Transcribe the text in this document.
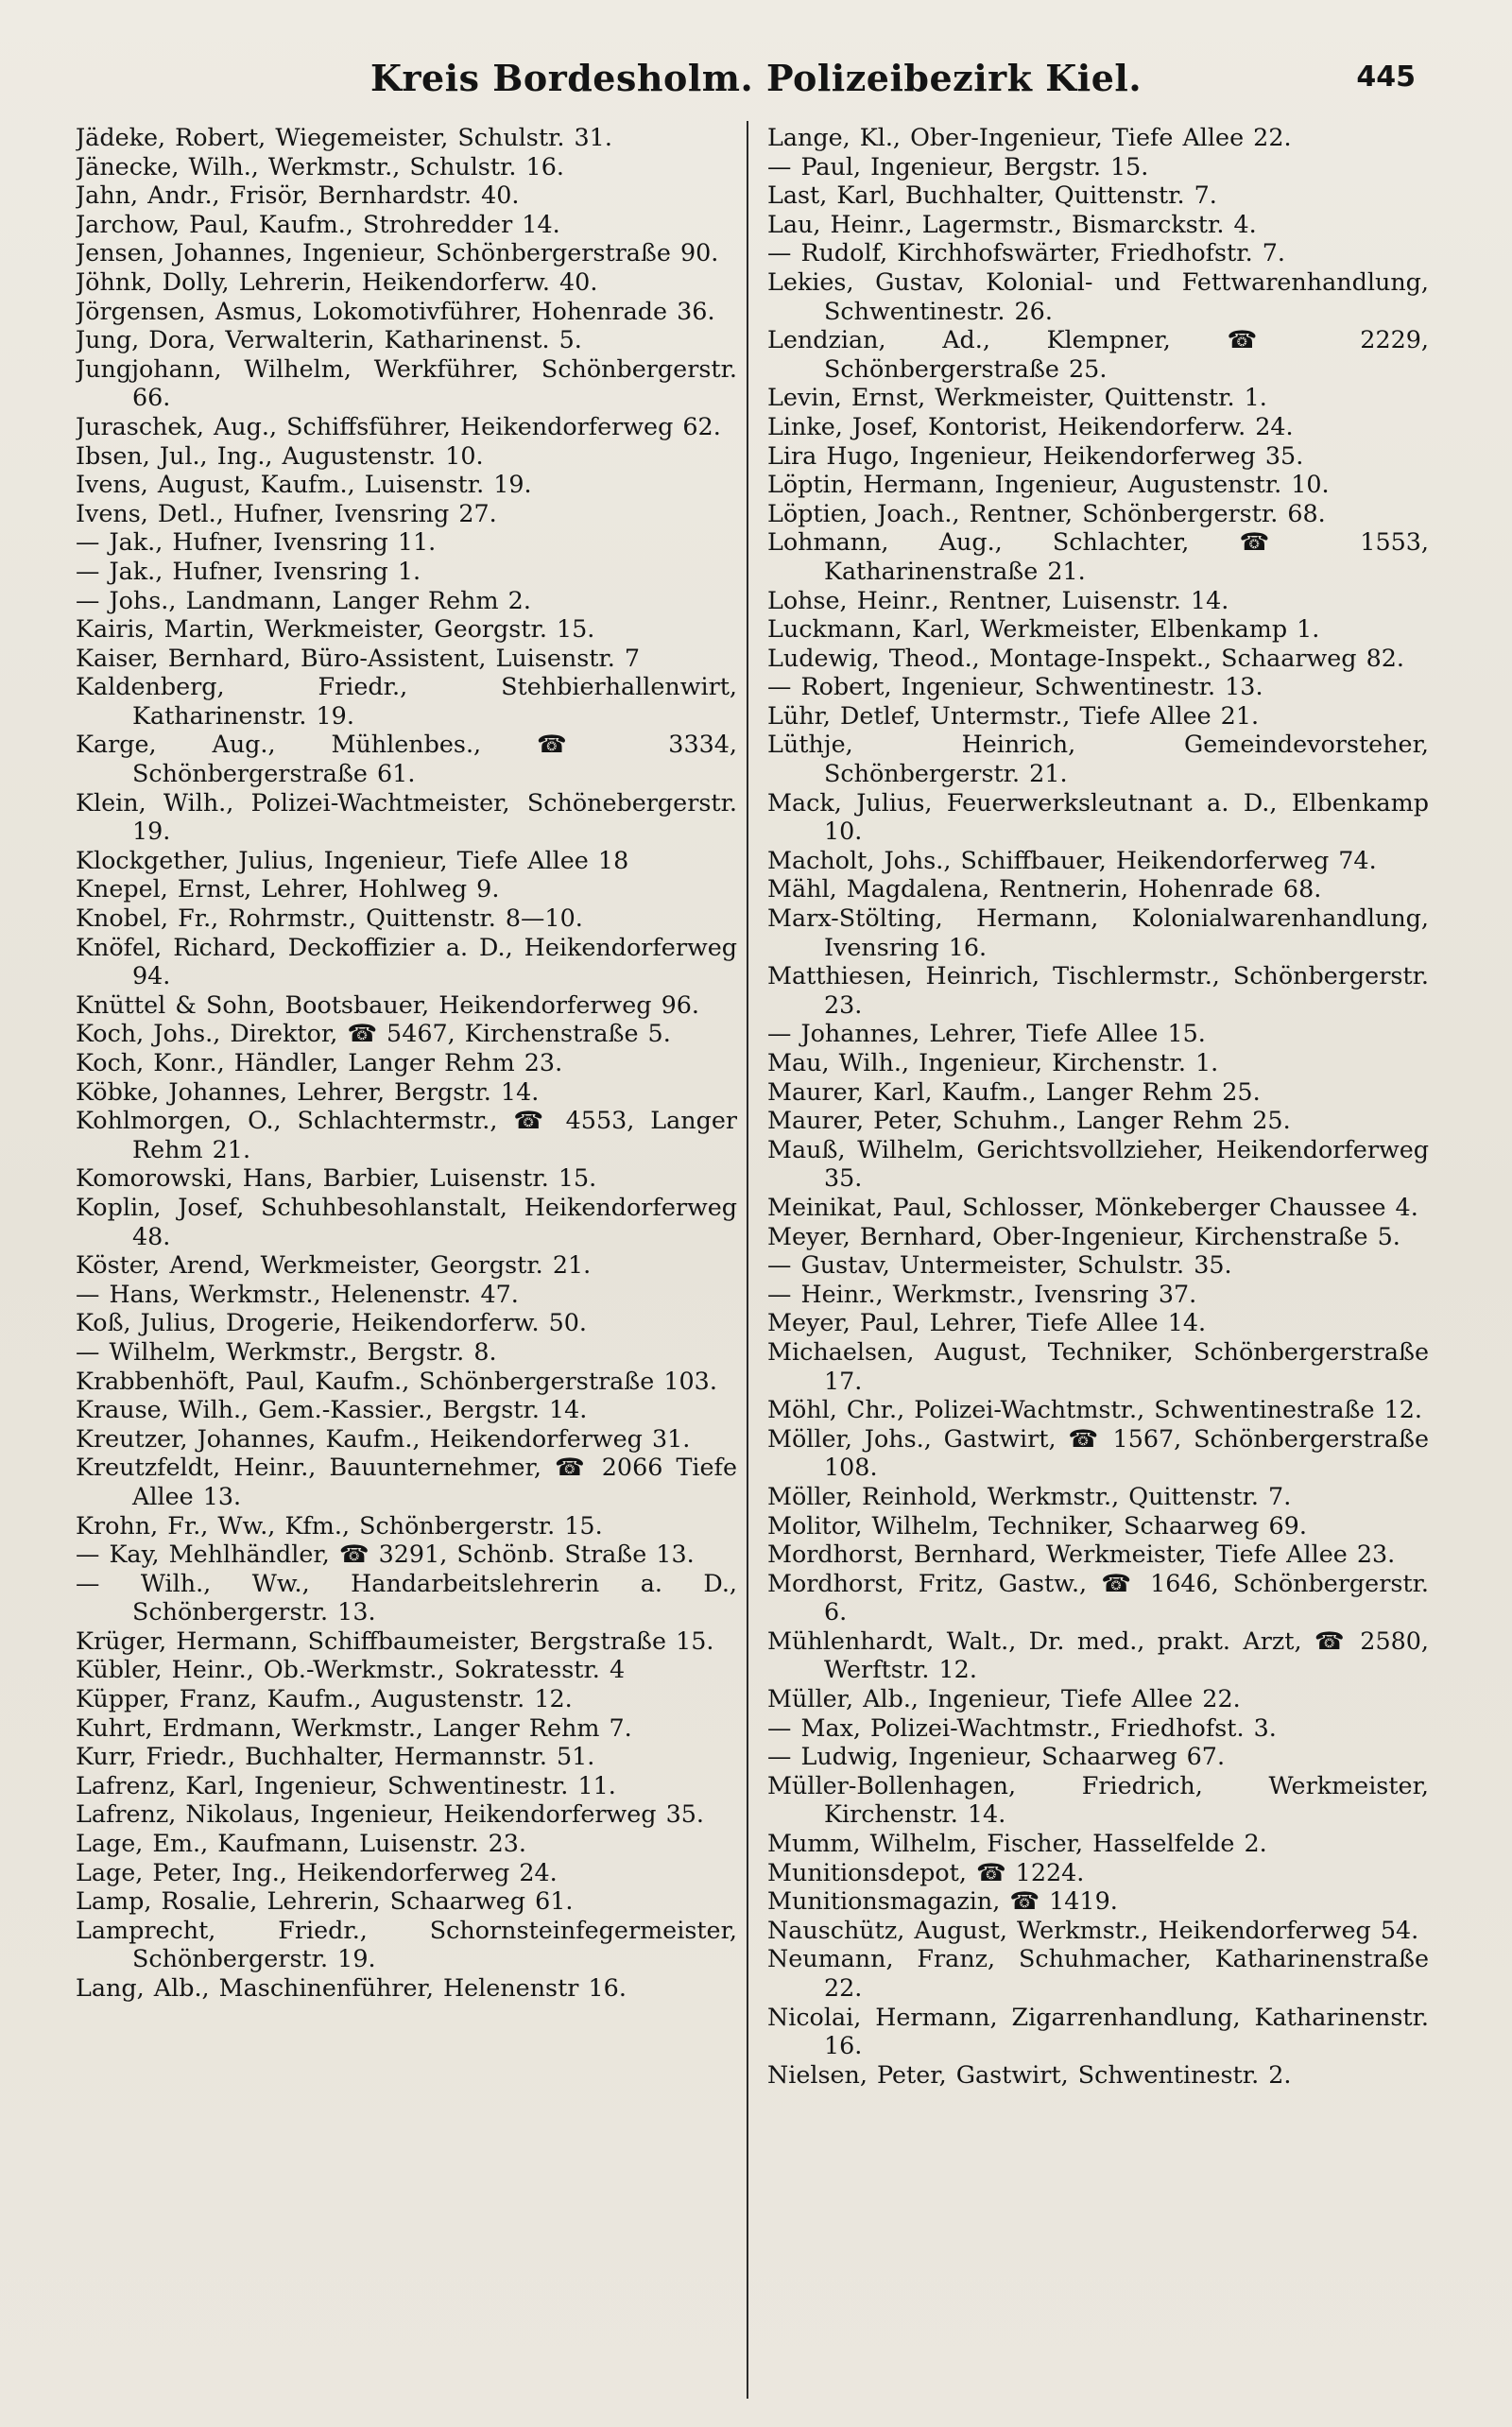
Kreis Bordesholm. Polizeibezirk Kiel.	445
Jädeke, Robert, Wiegemeister, Schulstr. 31.
Jänecke, Wilh., Werkmstr., Schulstr. 16.
Jahn, Andr., Frisör, Bernhardstr. 40.
Jarchow, Paul, Kaufm., Strohredder 14.
Jensen, Johannes, Ingenieur, Schönbergerstraße 90.
Jöhnk, Dolly, Lehrerin, Heikendorferw. 40.
Jörgensen, Asmus, Lokomotivführer, Hohenrade 36.
Jung, Dora, Verwalterin, Katharinenst. 5.
Jungjohann, Wilhelm, Werkführer, Schönbergerstr. 66.
Juraschek, Aug., Schiffsführer, Heikendorferweg 62.
Ibsen, Jul., Ing., Augustenstr. 10.
Ivens, August, Kaufm., Luisenstr. 19.
Ivens, Detl., Hufner, Ivensring 27.
— Jak., Hufner, Ivensring 11.
— Jak., Hufner, Ivensring 1.
— Johs., Landmann, Langer Rehm 2.
Kairis, Martin, Werkmeister, Georgstr. 15.
Kaiser, Bernhard, Büro-Assistent, Luisenstr. 7
Kaldenberg, Friedr., Stehbierhallenwirt, Katharinenstr. 19.
Karge, Aug., Mühlenbes., ☎ 3334, Schönbergerstraße 61.
Klein, Wilh., Polizei-Wachtmeister, Schönebergerstr. 19.
Klockgether, Julius, Ingenieur, Tiefe Allee 18
Knepel, Ernst, Lehrer, Hohlweg 9.
Knobel, Fr., Rohrmstr., Quittenstr. 8—10.
Knöfel, Richard, Deckoffizier a. D., Heikendorferweg 94.
Knüttel & Sohn, Bootsbauer, Heikendorferweg 96.
Koch, Johs., Direktor, ☎ 5467, Kirchenstraße 5.
Koch, Konr., Händler, Langer Rehm 23.
Köbke, Johannes, Lehrer, Bergstr. 14.
Kohlmorgen, O., Schlachtermstr., ☎ 4553, Langer Rehm 21.
Komorowski, Hans, Barbier, Luisenstr. 15.
Koplin, Josef, Schuhbesohlanstalt, Heikendorferweg 48.
Köster, Arend, Werkmeister, Georgstr. 21.
— Hans, Werkmstr., Helenenstr. 47.
Koß, Julius, Drogerie, Heikendorferw. 50.
— Wilhelm, Werkmstr., Bergstr. 8.
Krabbenhöft, Paul, Kaufm., Schönbergerstraße 103.
Krause, Wilh., Gem.-Kassier., Bergstr. 14.
Kreutzer, Johannes, Kaufm., Heikendorferweg 31.
Kreutzfeldt, Heinr., Bauunternehmer, ☎ 2066 Tiefe Allee 13.
Krohn, Fr., Ww., Kfm., Schönbergerstr. 15.
— Kay, Mehlhändler, ☎ 3291, Schönb. Straße 13.
— Wilh., Ww., Handarbeitslehrerin a. D., Schönbergerstr. 13.
Krüger, Hermann, Schiffbaumeister, Bergstraße 15.
Kübler, Heinr., Ob.-Werkmstr., Sokratesstr. 4
Küpper, Franz, Kaufm., Augustenstr. 12.
Kuhrt, Erdmann, Werkmstr., Langer Rehm 7.
Kurr, Friedr., Buchhalter, Hermannstr. 51.
Lafrenz, Karl, Ingenieur, Schwentinestr. 11.
Lafrenz, Nikolaus, Ingenieur, Heikendorferweg 35.
Lage, Em., Kaufmann, Luisenstr. 23.
Lage, Peter, Ing., Heikendorferweg 24.
Lamp, Rosalie, Lehrerin, Schaarweg 61.
Lamprecht, Friedr., Schornsteinfegermeister, Schönbergerstr. 19.
Lang, Alb., Maschinenführer, Helenenstr 16.
Lange, Kl., Ober-Ingenieur, Tiefe Allee 22.
— Paul, Ingenieur, Bergstr. 15.
Last, Karl, Buchhalter, Quittenstr. 7.
Lau, Heinr., Lagermstr., Bismarckstr. 4.
— Rudolf, Kirchhofswärter, Friedhofstr. 7.
Lekies, Gustav, Kolonial- und Fettwarenhandlung, Schwentinestr. 26.
Lendzian, Ad., Klempner, ☎ 2229, Schönbergerstraße 25.
Levin, Ernst, Werkmeister, Quittenstr. 1.
Linke, Josef, Kontorist, Heikendorferw. 24.
Lira Hugo, Ingenieur, Heikendorferweg 35.
Löptin, Hermann, Ingenieur, Augustenstr. 10.
Löptien, Joach., Rentner, Schönbergerstr. 68.
Lohmann, Aug., Schlachter, ☎ 1553, Katharinenstraße 21.
Lohse, Heinr., Rentner, Luisenstr. 14.
Luckmann, Karl, Werkmeister, Elbenkamp 1.
Ludewig, Theod., Montage-Inspekt., Schaarweg 82.
— Robert, Ingenieur, Schwentinestr. 13.
Lühr, Detlef, Untermstr., Tiefe Allee 21.
Lüthje, Heinrich, Gemeindevorsteher, Schönbergerstr. 21.
Mack, Julius, Feuerwerksleutnant a. D., Elbenkamp 10.
Macholt, Johs., Schiffbauer, Heikendorferweg 74.
Mähl, Magdalena, Rentnerin, Hohenrade 68.
Marx-Stölting, Hermann, Kolonialwarenhandlung, Ivensring 16.
Matthiesen, Heinrich, Tischlermstr., Schönbergerstr. 23.
— Johannes, Lehrer, Tiefe Allee 15.
Mau, Wilh., Ingenieur, Kirchenstr. 1.
Maurer, Karl, Kaufm., Langer Rehm 25.
Maurer, Peter, Schuhm., Langer Rehm 25.
Mauß, Wilhelm, Gerichtsvollzieher, Heikendorferweg 35.
Meinikat, Paul, Schlosser, Mönkeberger Chaussee 4.
Meyer, Bernhard, Ober-Ingenieur, Kirchenstraße 5.
— Gustav, Untermeister, Schulstr. 35.
— Heinr., Werkmstr., Ivensring 37.
Meyer, Paul, Lehrer, Tiefe Allee 14.
Michaelsen, August, Techniker, Schönbergerstraße 17.
Möhl, Chr., Polizei-Wachtmstr., Schwentinestraße 12.
Möller, Johs., Gastwirt, ☎ 1567, Schönbergerstraße 108.
Möller, Reinhold, Werkmstr., Quittenstr. 7.
Molitor, Wilhelm, Techniker, Schaarweg 69.
Mordhorst, Bernhard, Werkmeister, Tiefe Allee 23.
Mordhorst, Fritz, Gastw., ☎ 1646, Schönbergerstr. 6.
Mühlenhardt, Walt., Dr. med., prakt. Arzt, ☎ 2580, Werftstr. 12.
Müller, Alb., Ingenieur, Tiefe Allee 22.
— Max, Polizei-Wachtmstr., Friedhofst. 3.
— Ludwig, Ingenieur, Schaarweg 67.
Müller-Bollenhagen, Friedrich, Werkmeister, Kirchenstr. 14.
Mumm, Wilhelm, Fischer, Hasselfelde 2.
Munitionsdepot, ☎ 1224.
Munitionsmagazin, ☎ 1419.
Nauschütz, August, Werkmstr., Heikendorferweg 54.
Neumann, Franz, Schuhmacher, Katharinenstraße 22.
Nicolai, Hermann, Zigarrenhandlung, Katharinenstr. 16.
Nielsen, Peter, Gastwirt, Schwentinestr. 2.
